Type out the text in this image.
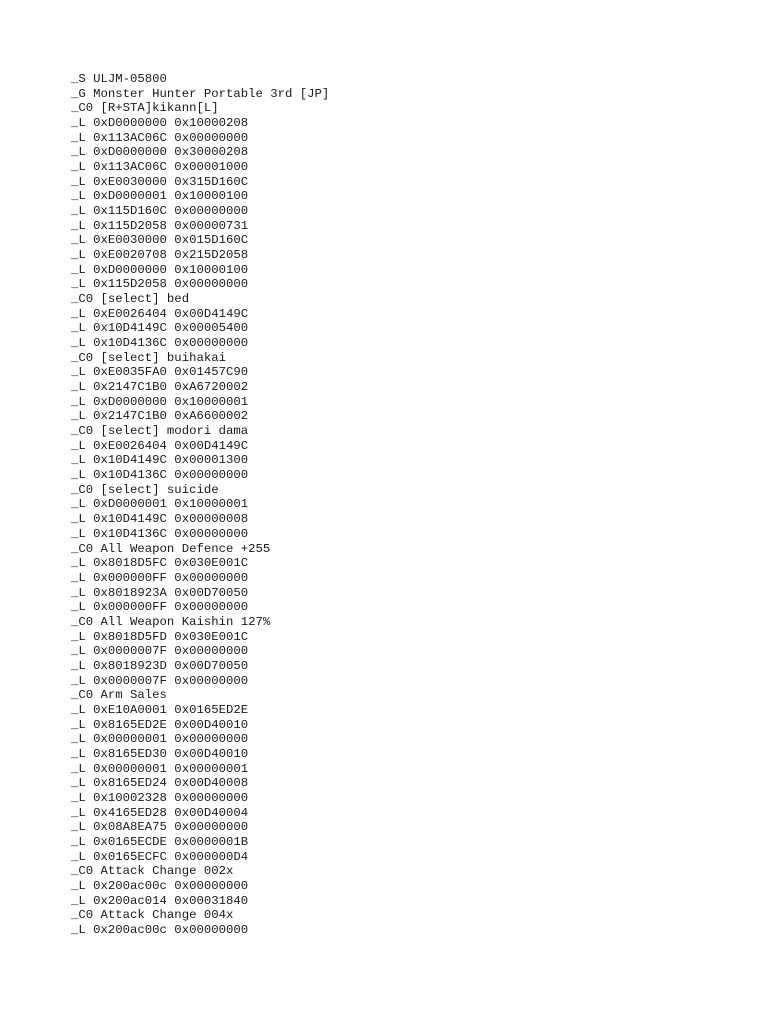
_S ULJM-05800
_G Monster Hunter Portable 3rd [JP]
_C0 [R+STA]kikann[L]
_L 0xD0000000 0x10000208
_L 0x113AC06C 0x00000000
_L 0xD0000000 0x30000208
_L 0x113AC06C 0x00001000
_L 0xE0030000 0x315D160C
_L 0xD0000001 0x10000100
_L 0x115D160C 0x00000000
_L 0x115D2058 0x00000731
_L 0xE0030000 0x015D160C
_L 0xE0020708 0x215D2058
_L 0xD0000000 0x10000100
_L 0x115D2058 0x00000000
_C0 [select] bed
_L 0xE0026404 0x00D4149C
_L 0x10D4149C 0x00005400
_L 0x10D4136C 0x00000000
_C0 [select] buihakai
_L 0xE0035FA0 0x01457C90
_L 0x2147C1B0 0xA6720002
_L 0xD0000000 0x10000001
_L 0x2147C1B0 0xA6600002
_C0 [select] modori dama
_L 0xE0026404 0x00D4149C
_L 0x10D4149C 0x00001300
_L 0x10D4136C 0x00000000
_C0 [select] suicide
_L 0xD0000001 0x10000001
_L 0x10D4149C 0x00000008
_L 0x10D4136C 0x00000000
_C0 All Weapon Defence +255
_L 0x8018D5FC 0x030E001C
_L 0x000000FF 0x00000000
_L 0x8018923A 0x00D70050
_L 0x000000FF 0x00000000
_C0 All Weapon Kaishin 127%
_L 0x8018D5FD 0x030E001C
_L 0x0000007F 0x00000000
_L 0x8018923D 0x00D70050
_L 0x0000007F 0x00000000
_C0 Arm Sales
_L 0xE10A0001 0x0165ED2E
_L 0x8165ED2E 0x00D40010
_L 0x00000001 0x00000000
_L 0x8165ED30 0x00D40010
_L 0x00000001 0x00000001
_L 0x8165ED24 0x00D40008
_L 0x10002328 0x00000000
_L 0x4165ED28 0x00D40004
_L 0x08A8EA75 0x00000000
_L 0x0165ECDE 0x0000001B
_L 0x0165ECFC 0x000000D4
_C0 Attack Change 002x
_L 0x200ac00c 0x00000000
_L 0x200ac014 0x00031840
_C0 Attack Change 004x
_L 0x200ac00c 0x00000000
